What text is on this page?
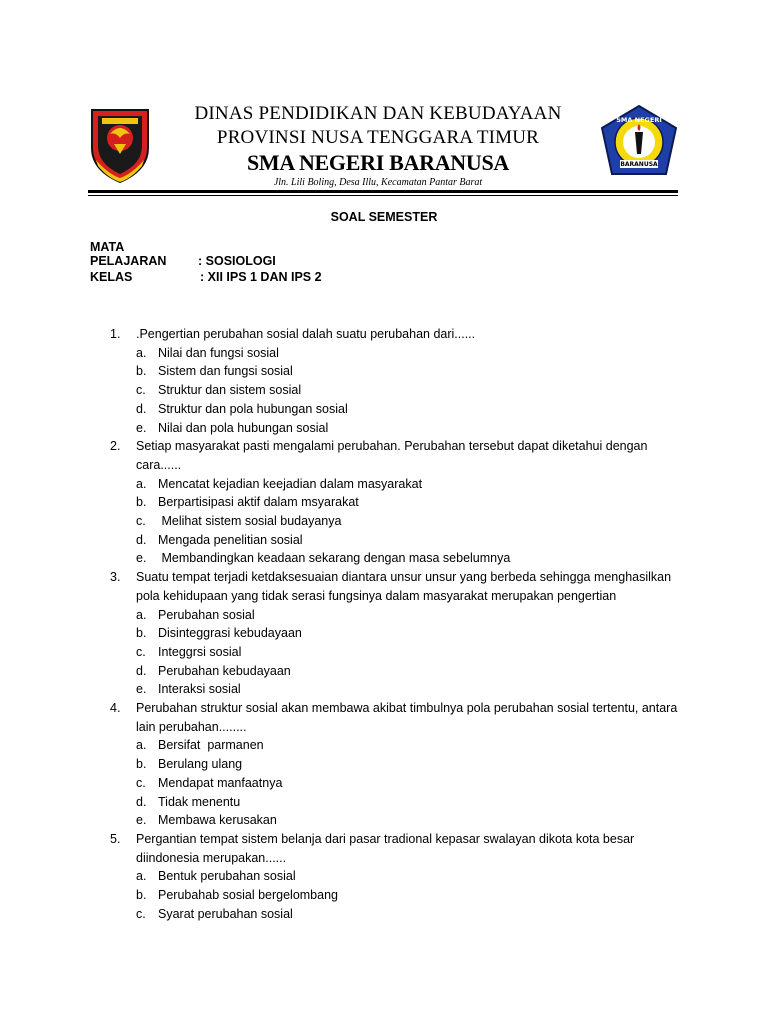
DINAS PENDIDIKAN DAN KEBUDAYAAN
PROVINSI NUSA TENGGARA TIMUR
SMA NEGERI BARANUSA
Jln. Lili Boling, Desa Illu, Kecamatan Pantar Barat
BARANUSA
SMA NEGERI
SOAL SEMESTER
MATA PELAJARAN	: SOSIOLOGI
KELAS	: XII IPS 1 DAN IPS 2
1. .Pengertian perubahan sosial dalah suatu perubahan dari......
a. Nilai dan fungsi sosial
b. Sistem dan fungsi sosial
c. Struktur dan sistem sosial
d. Struktur dan pola hubungan sosial
e. Nilai dan pola hubungan sosial
2. Setiap masyarakat pasti mengalami perubahan. Perubahan tersebut dapat diketahui dengan cara......
a. Mencatat kejadian keejadian dalam masyarakat
b. Berpartisipasi aktif dalam msyarakat
c. Melihat sistem sosial budayanya
d. Mengada penelitian sosial
e. Membandingkan keadaan sekarang dengan masa sebelumnya
3. Suatu tempat terjadi ketdaksesuaian diantara unsur unsur yang berbeda sehingga menghasilkan pola kehidupaan yang tidak serasi fungsinya dalam masyarakat merupakan pengertian
a. Perubahan sosial
b. Disinteggrasi kebudayaan
c. Integgrsi sosial
d. Perubahan kebudayaan
e. Interaksi sosial
4. Perubahan struktur sosial akan membawa akibat timbulnya pola perubahan sosial tertentu, antara lain perubahan........
a. Bersifat  parmanen
b. Berulang ulang
c. Mendapat manfaatnya
d. Tidak menentu
e. Membawa kerusakan
5. Pergantian tempat sistem belanja dari pasar tradional kepasar swalayan dikota kota besar diindonesia merupakan......
a. Bentuk perubahan sosial
b. Perubahab sosial bergelombang
c. Syarat perubahan sosial
